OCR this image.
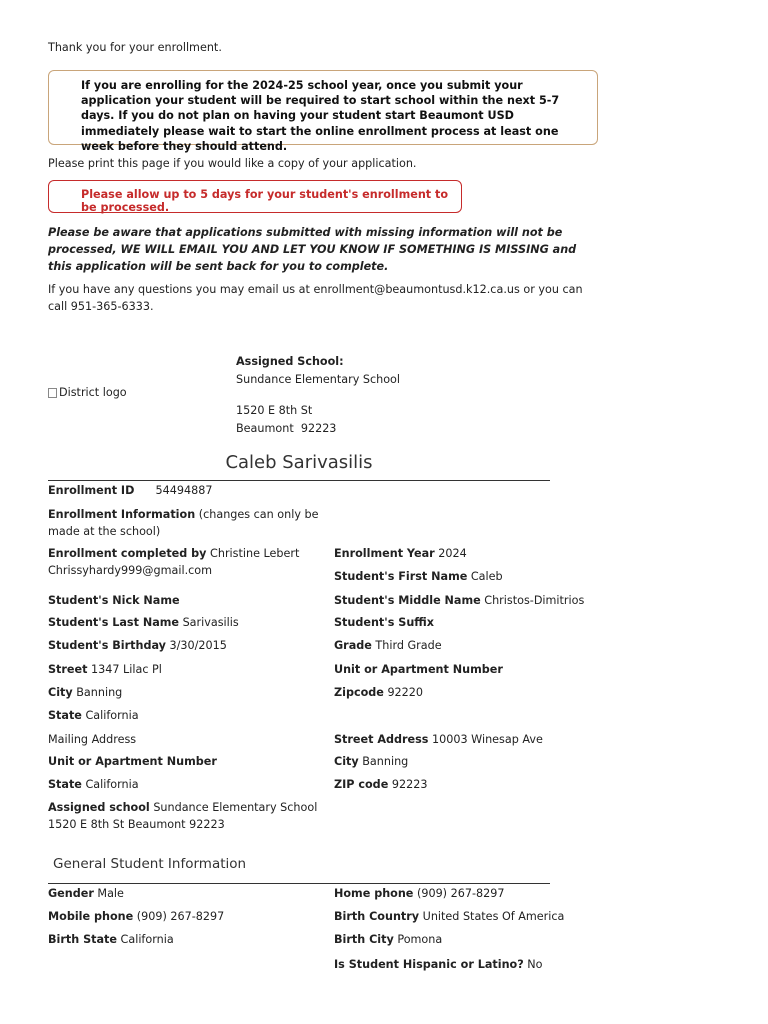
Thank you for your enrollment.
If you are enrolling for the 2024-25 school year, once you submit your application your student will be required to start school within the next 5-7 days. If you do not plan on having your student start Beaumont USD immediately please wait to start the online enrollment process at least one week before they should attend.
Please print this page if you would like a copy of your application.
Please allow up to 5 days for your student's enrollment to be processed.
Please be aware that applications submitted with missing information will not be processed, WE WILL EMAIL YOU AND LET YOU KNOW IF SOMETHING IS MISSING and this application will be sent back for you to complete.
If you have any questions you may email us at enrollment@beaumontusd.k12.ca.us or you can call 951-365-6333.
District logo
Assigned School:
Sundance Elementary School
1520 E 8th St
Beaumont  92223
Caleb Sarivasilis
Enrollment ID 54494887
Enrollment Information (changes can only be made at the school)
Enrollment completed by Christine Lebert
Chrissyhardy999@gmail.com
Enrollment Year 2024
Student's First Name Caleb
Student's Nick Name	Student's Middle Name Christos-Dimitrios
Student's Last Name Sarivasilis	Student's Suffix
Student's Birthday 3/30/2015	Grade Third Grade
Street 1347 Lilac Pl	Unit or Apartment Number
City Banning	Zipcode 92220
State California
Mailing Address	Street Address 10003 Winesap Ave
Unit or Apartment Number	City Banning
State California	ZIP code 92223
Assigned school Sundance Elementary School 1520 E 8th St Beaumont 92223
General Student Information
Gender Male	Home phone (909) 267-8297
Mobile phone (909) 267-8297	Birth Country United States Of America
Birth State California	Birth City Pomona
Is Student Hispanic or Latino? No
